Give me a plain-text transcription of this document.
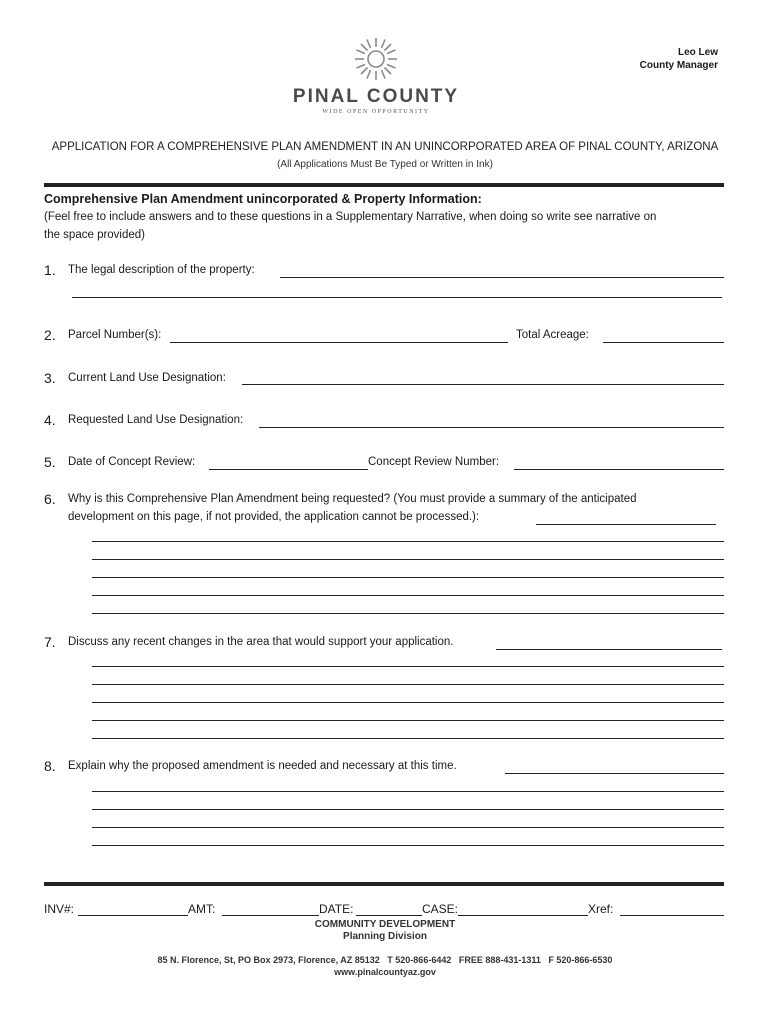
PINAL COUNTY
WIDE OPEN OPPORTUNITY
Leo Lew
County Manager
APPLICATION FOR A COMPREHENSIVE PLAN AMENDMENT IN AN UNINCORPORATED AREA OF PINAL COUNTY, ARIZONA
(All Applications Must Be Typed or Written in Ink)
Comprehensive Plan Amendment unincorporated & Property Information:
(Feel free to include answers and to these questions in a Supplementary Narrative, when doing so write see narrative on
the space provided)
1. The legal description of the property:
2. Parcel Number(s):	Total Acreage:
3. Current Land Use Designation:
4. Requested Land Use Designation:
5. Date of Concept Review:	Concept Review Number:
6. Why is this Comprehensive Plan Amendment being requested? (You must provide a summary of the anticipated
development on this page, if not provided, the application cannot be processed.):
7. Discuss any recent changes in the area that would support your application.
8. Explain why the proposed amendment is needed and necessary at this time.
INV#:	AMT:	DATE:	CASE:	Xref:
COMMUNITY DEVELOPMENT
Planning Division
85 N. Florence, St, PO Box 2973, Florence, AZ 85132   T 520-866-6442   FREE 888-431-1311   F 520-866-6530
www.pinalcountyaz.gov
